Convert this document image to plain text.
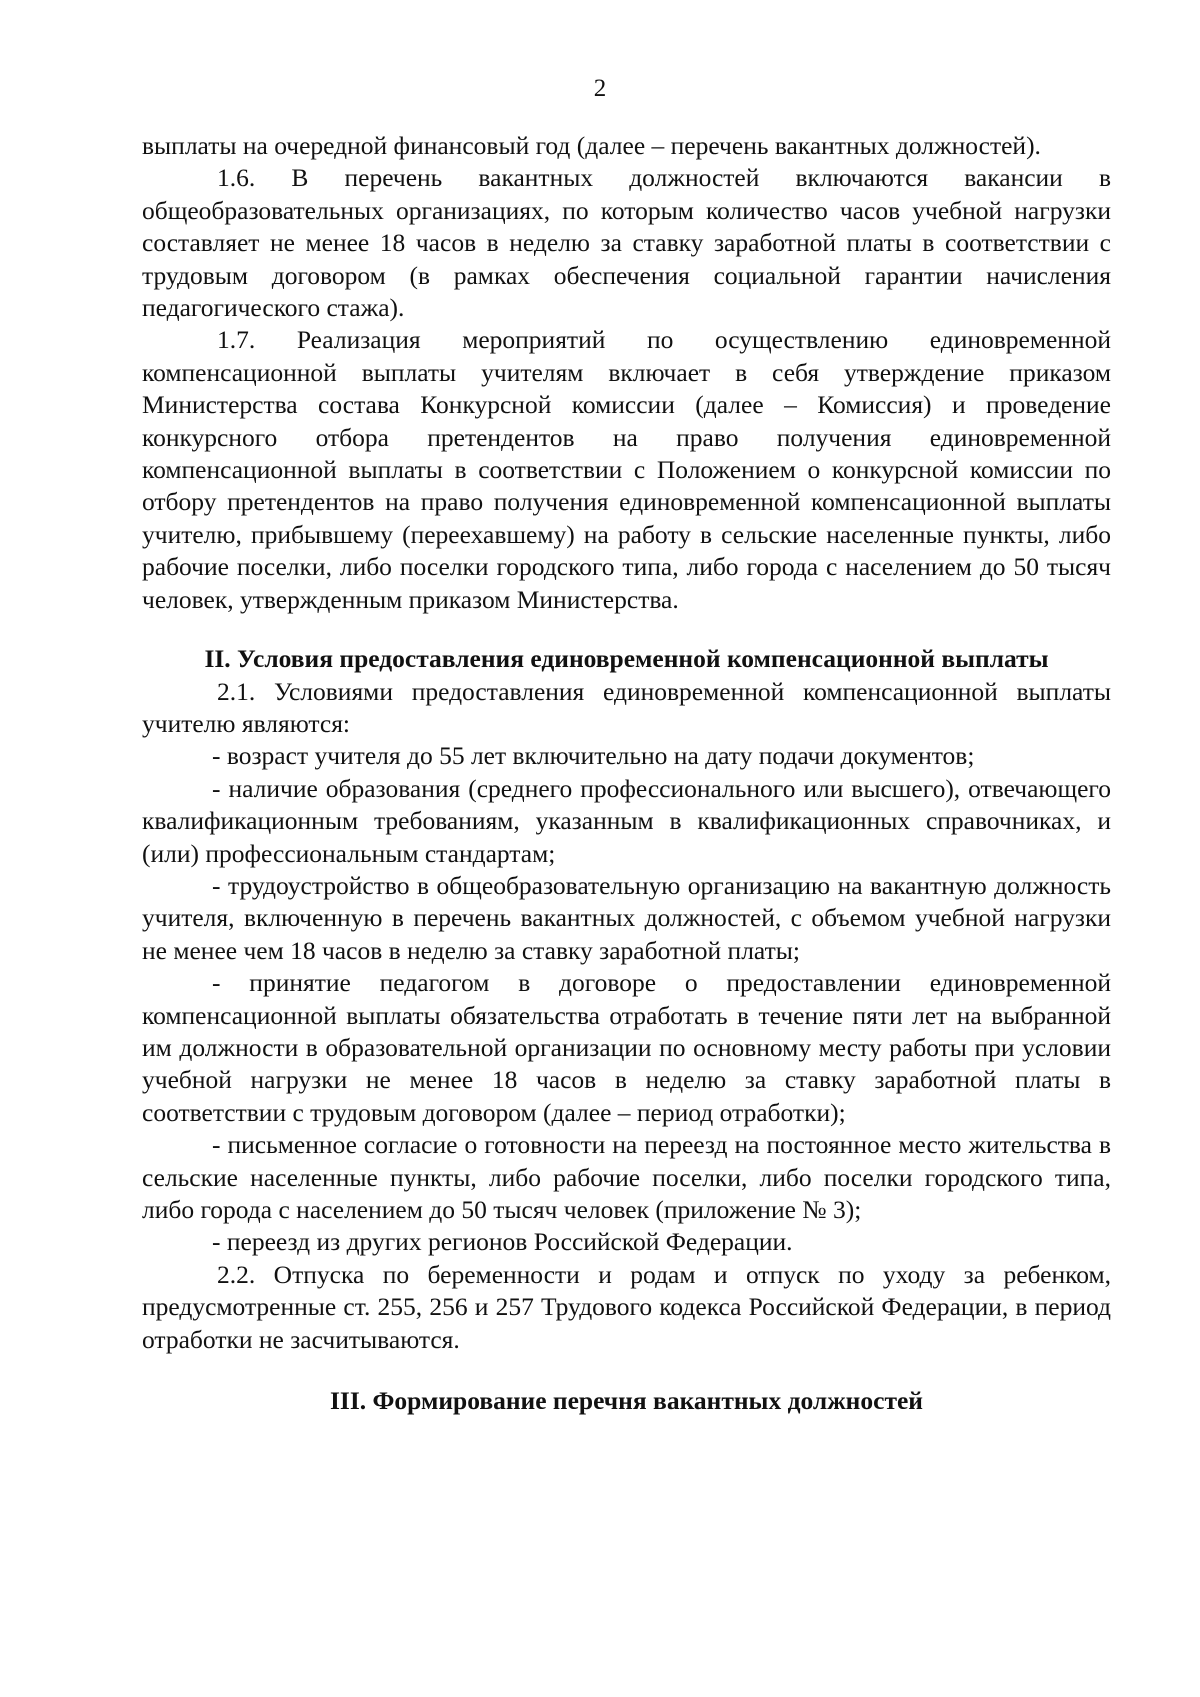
2

выплаты на очередной финансовый год (далее – перечень вакантных должностей).

1.6. В перечень вакантных должностей включаются вакансии в общеобразовательных организациях, по которым количество часов учебной нагрузки составляет не менее 18 часов в неделю за ставку заработной платы в соответствии с трудовым договором (в рамках обеспечения социальной гарантии начисления педагогического стажа).

1.7. Реализация мероприятий по осуществлению единовременной компенсационной выплаты учителям включает в себя утверждение приказом Министерства состава Конкурсной комиссии (далее – Комиссия) и проведение конкурсного отбора претендентов на право получения единовременной компенсационной выплаты в соответствии с Положением о конкурсной комиссии по отбору претендентов на право получения единовременной компенсационной выплаты учителю, прибывшему (переехавшему) на работу в сельские населенные пункты, либо рабочие поселки, либо поселки городского типа, либо города с населением до 50 тысяч человек, утвержденным приказом Министерства.

II. Условия предоставления единовременной компенсационной выплаты

2.1. Условиями предоставления единовременной компенсационной выплаты учителю являются:

- возраст учителя до 55 лет включительно на дату подачи документов;

- наличие образования (среднего профессионального или высшего), отвечающего квалификационным требованиям, указанным в квалификационных справочниках, и (или) профессиональным стандартам;

- трудоустройство в общеобразовательную организацию на вакантную должность учителя, включенную в перечень вакантных должностей, с объемом учебной нагрузки не менее чем 18 часов в неделю за ставку заработной платы;

- принятие педагогом в договоре о предоставлении единовременной компенсационной выплаты обязательства отработать в течение пяти лет на выбранной им должности в образовательной организации по основному месту работы при условии учебной нагрузки не менее 18 часов в неделю за ставку заработной платы в соответствии с трудовым договором (далее – период отработки);

- письменное согласие о готовности на переезд на постоянное место жительства в сельские населенные пункты, либо рабочие поселки, либо поселки городского типа, либо города с населением до 50 тысяч человек (приложение № 3);

- переезд из других регионов Российской Федерации.

2.2. Отпуска по беременности и родам и отпуск по уходу за ребенком, предусмотренные ст. 255, 256 и 257 Трудового кодекса Российской Федерации, в период отработки не засчитываются.

III. Формирование перечня вакантных должностей
